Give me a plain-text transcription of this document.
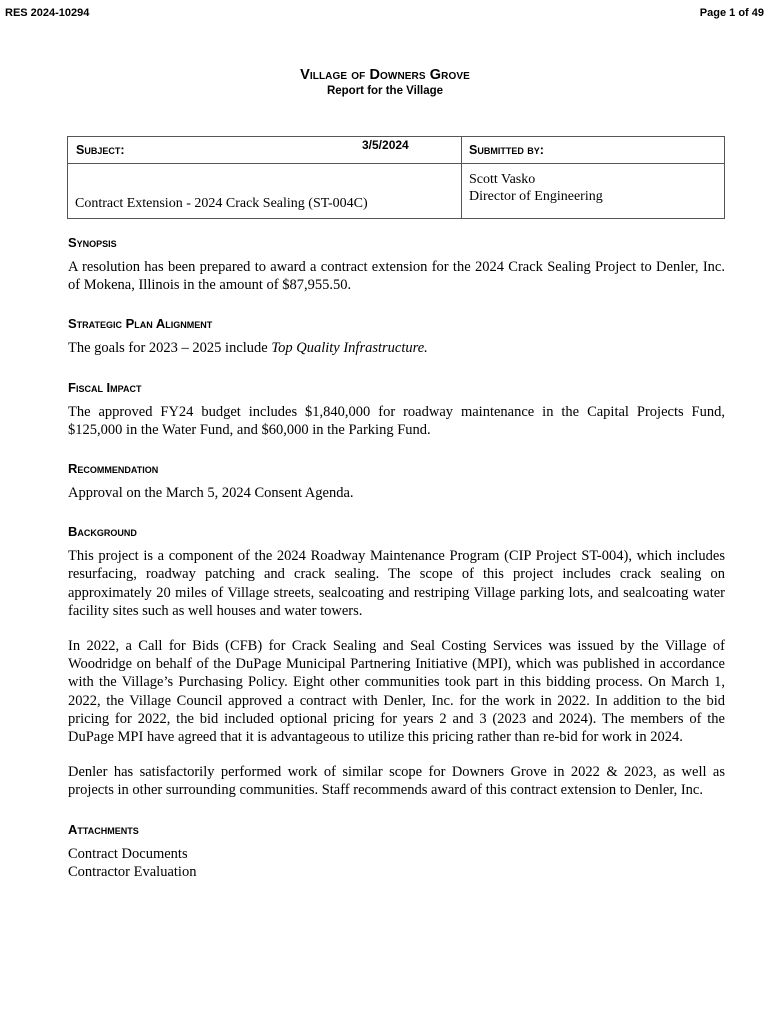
RES 2024-10294	Page 1 of 49
Village of Downers Grove
Report for the Village
Subject: 3/5/2024	Submitted by:

Contract Extension - 2024 Crack Sealing (ST-004C)	Scott Vasko
Director of Engineering
Synopsis

A resolution has been prepared to award a contract extension for the 2024 Crack Sealing Project to Denler, Inc. of Mokena, Illinois in the amount of $87,955.50.

Strategic Plan Alignment

The goals for 2023 – 2025 include Top Quality Infrastructure.

Fiscal Impact

The approved FY24 budget includes $1,840,000 for roadway maintenance in the Capital Projects Fund, $125,000 in the Water Fund, and $60,000 in the Parking Fund.

Recommendation

Approval on the March 5, 2024 Consent Agenda.

Background

This project is a component of the 2024 Roadway Maintenance Program (CIP Project ST-004), which includes resurfacing, roadway patching and crack sealing. The scope of this project includes crack sealing on approximately 20 miles of Village streets, sealcoating and restriping Village parking lots, and sealcoating water facility sites such as well houses and water towers.

In 2022, a Call for Bids (CFB) for Crack Sealing and Seal Costing Services was issued by the Village of Woodridge on behalf of the DuPage Municipal Partnering Initiative (MPI), which was published in accordance with the Village’s Purchasing Policy. Eight other communities took part in this bidding process. On March 1, 2022, the Village Council approved a contract with Denler, Inc. for the work in 2022. In addition to the bid pricing for 2022, the bid included optional pricing for years 2 and 3 (2023 and 2024). The members of the DuPage MPI have agreed that it is advantageous to utilize this pricing rather than re-bid for work in 2024.

Denler has satisfactorily performed work of similar scope for Downers Grove in 2022 & 2023, as well as projects in other surrounding communities. Staff recommends award of this contract extension to Denler, Inc.

Attachments
Contract Documents
Contractor Evaluation
